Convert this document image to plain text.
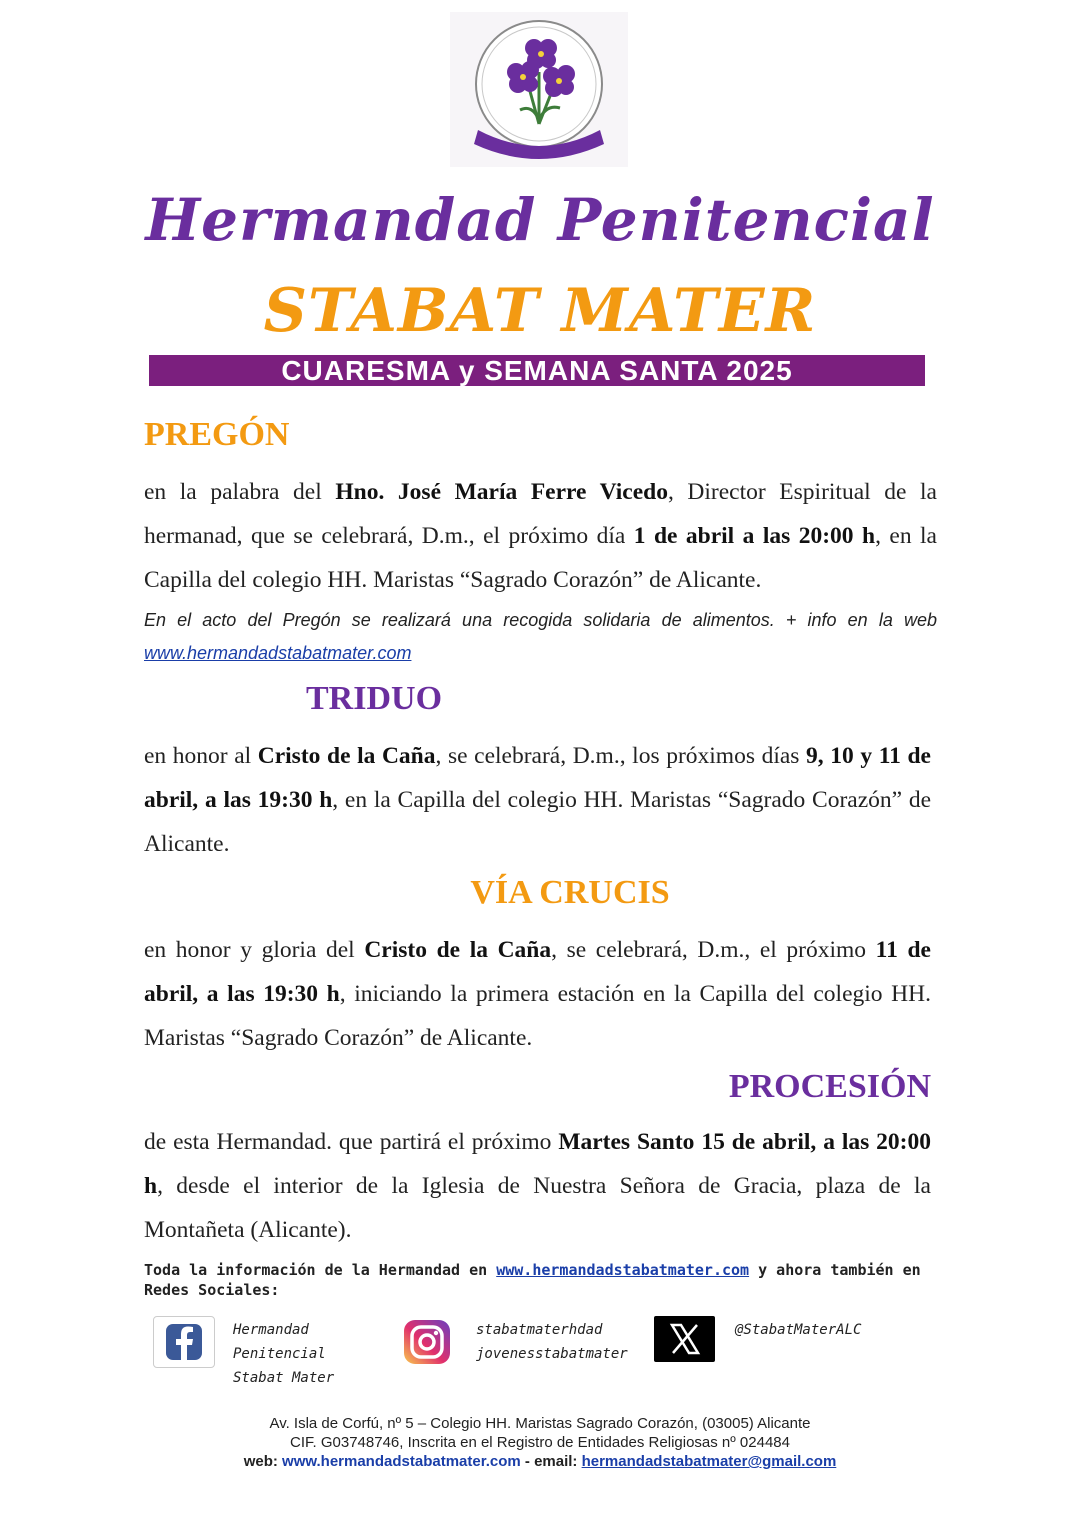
Hermandad Penitencial
STABAT MATER
CUARESMA y SEMANA SANTA 2025
PREGÓN
en la palabra del Hno. José María Ferre Vicedo, Director Espiritual de la hermanad, que se celebrará, D.m., el próximo día 1 de abril a las 20:00 h, en la Capilla del colegio HH. Maristas “Sagrado Corazón” de Alicante.
En el acto del Pregón se realizará una recogida solidaria de alimentos. + info en la web www.hermandadstabatmater.com
TRIDUO
en honor al Cristo de la Caña, se celebrará, D.m., los próximos días 9, 10 y 11 de abril, a las 19:30 h, en la Capilla del colegio HH. Maristas “Sagrado Corazón” de Alicante.
VÍA CRUCIS
en honor y gloria del Cristo de la Caña, se celebrará, D.m., el próximo 11 de abril, a las 19:30 h, iniciando la primera estación en la Capilla del colegio HH. Maristas “Sagrado Corazón” de Alicante.
PROCESIÓN
de esta Hermandad. que partirá el próximo Martes Santo 15 de abril, a las 20:00 h, desde el interior de la Iglesia de Nuestra Señora de Gracia, plaza de la Montañeta (Alicante).
Toda la información de la Hermandad en www.hermandadstabatmater.com y ahora también en Redes Sociales:
Hermandad
Penitencial
Stabat Mater
stabatmaterhdad
jovenesstabatmater
@StabatMaterALC
Av. Isla de Corfú, nº 5 – Colegio HH. Maristas Sagrado Corazón, (03005) Alicante
CIF. G03748746, Inscrita en el Registro de Entidades Religiosas nº 024484
web: www.hermandadstabatmater.com - email: hermandadstabatmater@gmail.com
